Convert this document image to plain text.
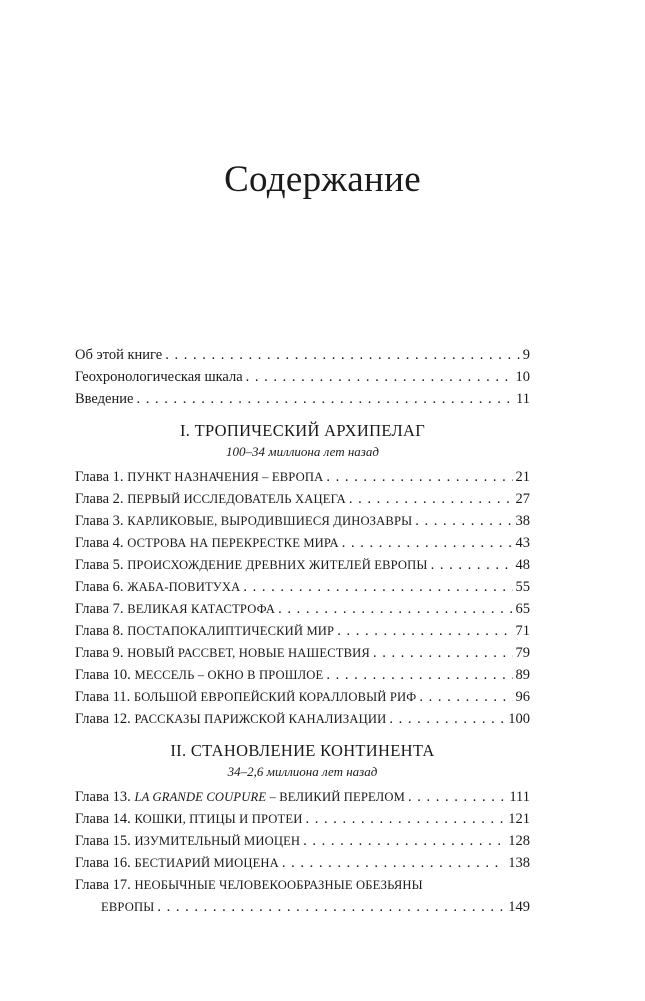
Содержание
Об этой книге . . .	9
Геохронологическая шкала . . .	10
Введение . . .	11
I. ТРОПИЧЕСКИЙ АРХИПЕЛАГ
100–34 миллиона лет назад
Глава 1. ПУНКТ НАЗНАЧЕНИЯ – ЕВРОПА . . .	21
Глава 2. ПЕРВЫЙ ИССЛЕДОВАТЕЛЬ ХАЦЕГА . . .	27
Глава 3. КАРЛИКОВЫЕ, ВЫРОДИВШИЕСЯ ДИНОЗАВРЫ . . .	38
Глава 4. ОСТРОВА НА ПЕРЕКРЕСТКЕ МИРА . . .	43
Глава 5. ПРОИСХОЖДЕНИЕ ДРЕВНИХ ЖИТЕЛЕЙ ЕВРОПЫ . . .	48
Глава 6. ЖАБА-ПОВИТУХА . . .	55
Глава 7. ВЕЛИКАЯ КАТАСТРОФА . . .	65
Глава 8. ПОСТАПОКАЛИПТИЧЕСКИЙ МИР . . .	71
Глава 9. НОВЫЙ РАССВЕТ, НОВЫЕ НАШЕСТВИЯ . . .	79
Глава 10. МЕССЕЛЬ – ОКНО В ПРОШЛОЕ . . .	89
Глава 11. БОЛЬШОЙ ЕВРОПЕЙСКИЙ КОРАЛЛОВЫЙ РИФ . . .	96
Глава 12. РАССКАЗЫ ПАРИЖСКОЙ КАНАЛИЗАЦИИ . . .	100
II. СТАНОВЛЕНИЕ КОНТИНЕНТА
34–2,6 миллиона лет назад
Глава 13. LA GRANDE COUPURE – ВЕЛИКИЙ ПЕРЕЛОМ . . .	111
Глава 14. КОШКИ, ПТИЦЫ И ПРОТЕИ . . .	121
Глава 15. ИЗУМИТЕЛЬНЫЙ МИОЦЕН . . .	128
Глава 16. БЕСТИАРИЙ МИОЦЕНА . . .	138
Глава 17. НЕОБЫЧНЫЕ ЧЕЛОВЕКООБРАЗНЫЕ ОБЕЗЬЯНЫ
ЕВРОПЫ . . .	149
